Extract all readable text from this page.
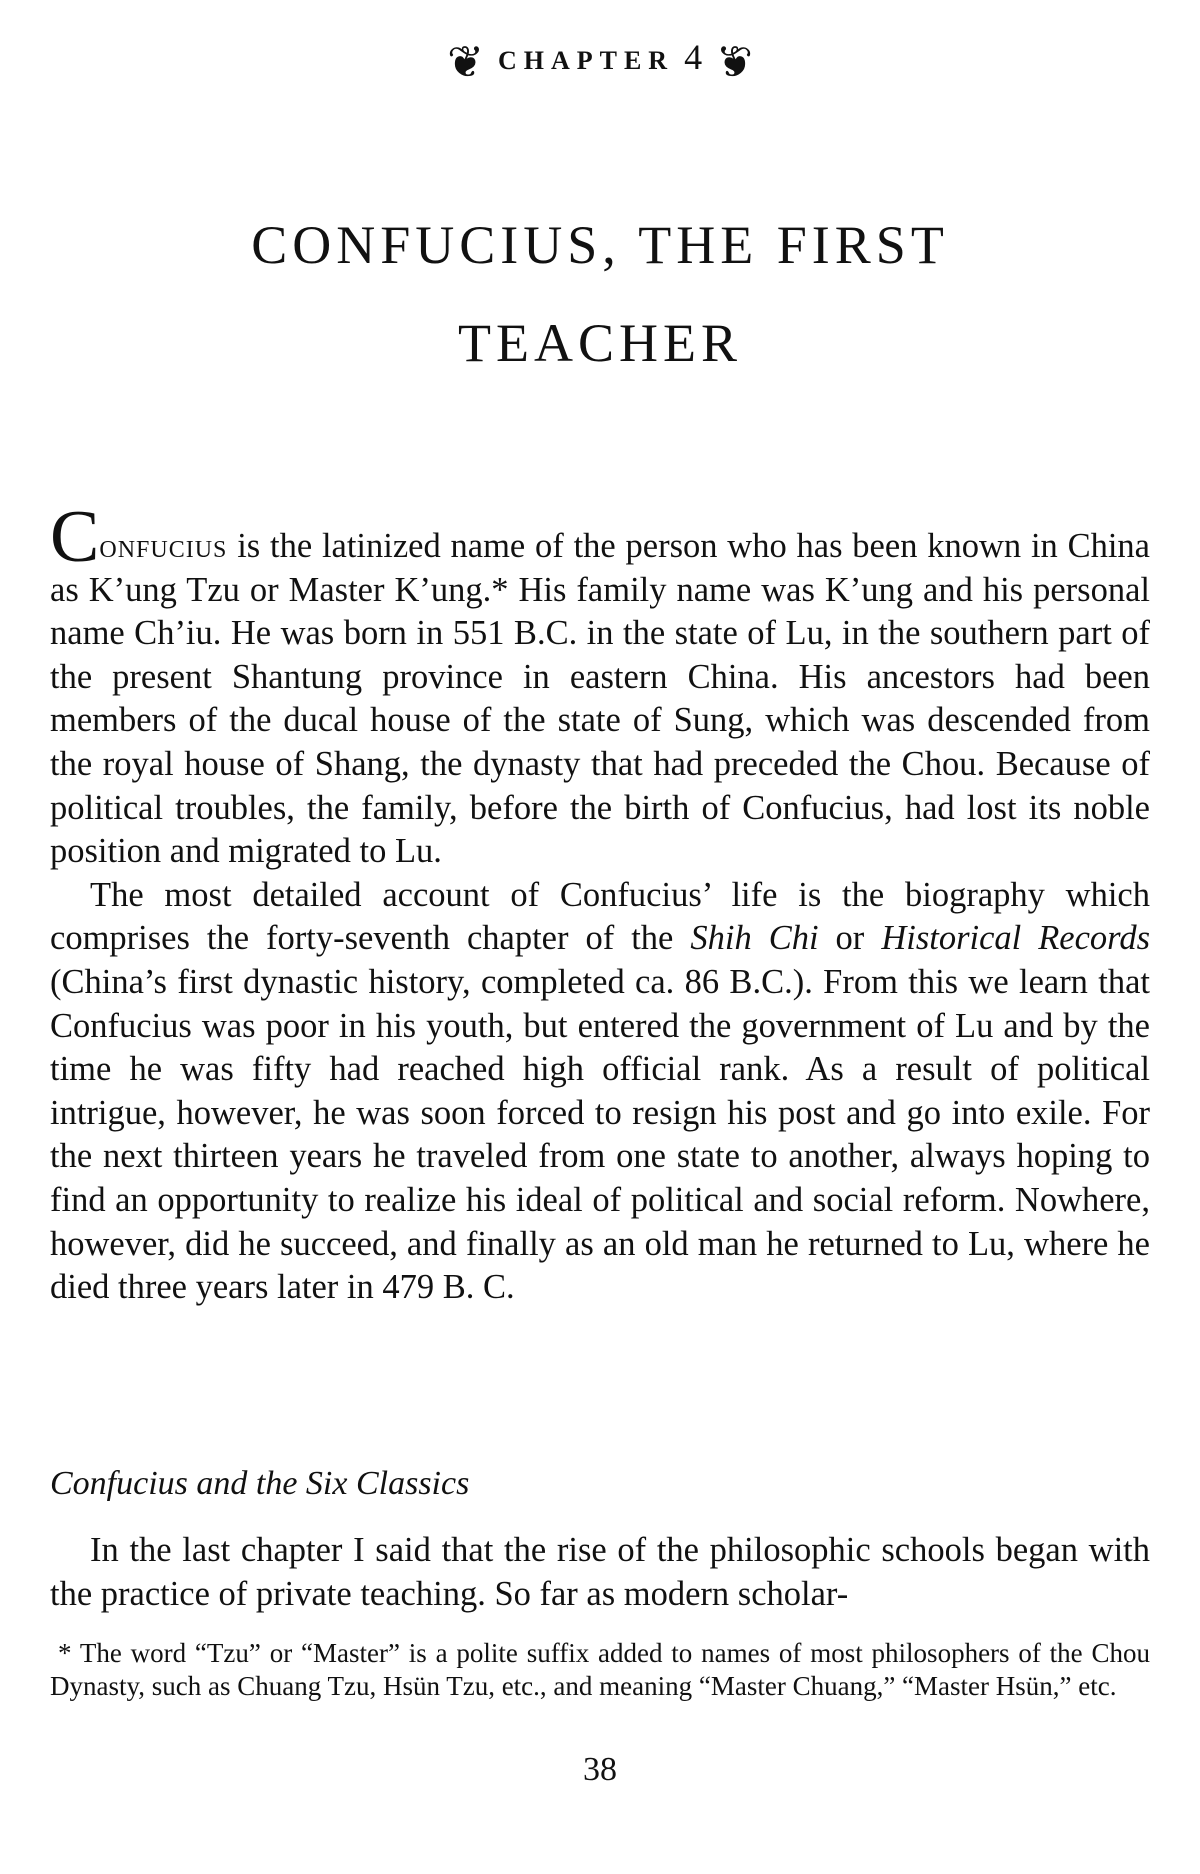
❦ CHAPTER 4 ❦
CONFUCIUS, THE FIRST
TEACHER

Confucius is the latinized name of the person who has been known in China as K’ung Tzu or Master K’ung.* His family name was K’ung and his personal name Ch’iu. He was born in 551 B.C. in the state of Lu, in the southern part of the present Shantung province in eastern China. His ancestors had been members of the ducal house of the state of Sung, which was descended from the royal house of Shang, the dynasty that had preceded the Chou. Because of political troubles, the family, before the birth of Confucius, had lost its noble position and migrated to Lu.

The most detailed account of Confucius’ life is the biography which comprises the forty-seventh chapter of the Shih Chi or Historical Records (China’s first dynastic history, completed ca. 86 B.C.). From this we learn that Confucius was poor in his youth, but entered the government of Lu and by the time he was fifty had reached high official rank. As a result of political intrigue, however, he was soon forced to resign his post and go into exile. For the next thirteen years he traveled from one state to another, always hoping to find an opportunity to realize his ideal of political and social reform. Nowhere, however, did he succeed, and finally as an old man he returned to Lu, where he died three years later in 479 B. C.

Confucius and the Six Classics

In the last chapter I said that the rise of the philosophic schools began with the practice of private teaching. So far as modern scholar-

* The word “Tzu” or “Master” is a polite suffix added to names of most philosophers of the Chou Dynasty, such as Chuang Tzu, Hsün Tzu, etc., and meaning “Master Chuang,” “Master Hsün,” etc.
38
